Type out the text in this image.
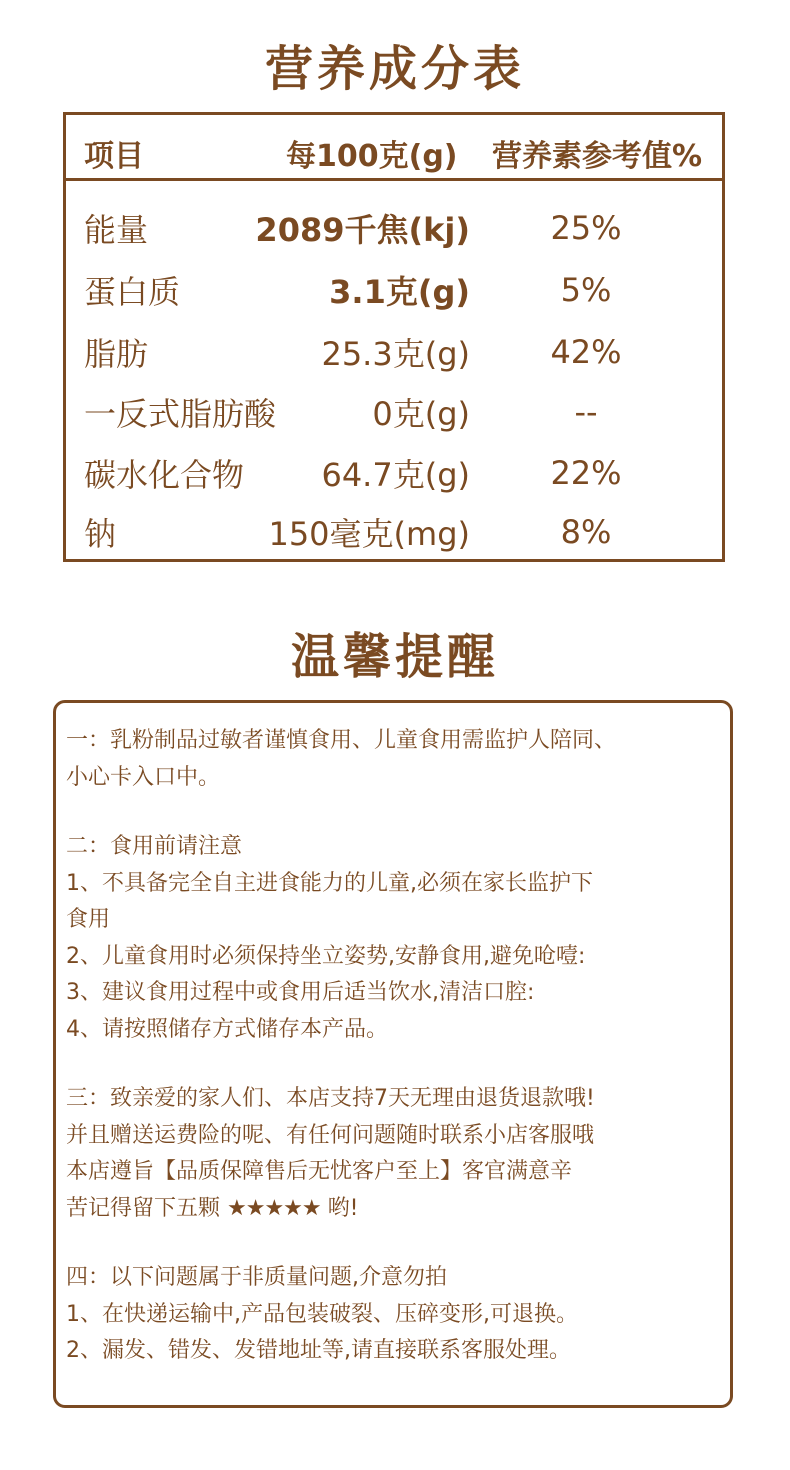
营养成分表
项目	每100克(g) 营养素参考值%
能量	2089千焦(kj)	25%
蛋白质	3.1克(g)	5%
脂肪	25.3克(g)	42%
一反式脂肪酸	0克(g)	--
碳水化合物 64.7克(g)	22%
钠	150毫克(mg)	8%
温馨提醒
一：乳粉制品过敏者谨慎食用、儿童食用需监护人陪同、
小心卡入口中。
二：食用前请注意
1、不具备完全自主进食能力的儿童,必须在家长监护下
食用
2、儿童食用时必须保持坐立姿势,安静食用,避免呛噎:
3、建议食用过程中或食用后适当饮水,清洁口腔:
4、请按照储存方式储存本产品。
三：致亲爱的家人们、本店支持7天无理由退货退款哦!
并且赠送运费险的呢、有任何问题随时联系小店客服哦
本店遵旨【品质保障售后无忧客户至上】客官满意辛
苦记得留下五颗 ★★★★★ 哟!
四：以下问题属于非质量问题,介意勿拍
1、在快递运输中,产品包装破裂、压碎变形,可退换。
2、漏发、错发、发错地址等,请直接联系客服处理。
